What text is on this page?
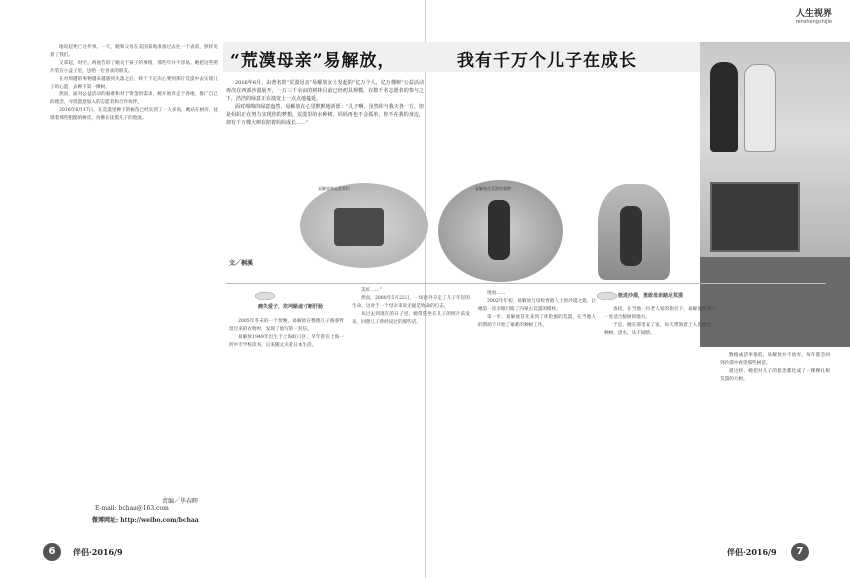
人生视界
renshengshijie

地说起死亡这件事。一天，她和父母在美国某地准备过去往一个表叔，照样见着了我们。

又拿起，时空。两他告诉了她关于孩子的事情，那些年并不容易。她把这些照片装在小盒子里，送给一位喜欢的朋友。

在对周遭的事物越来越感到失落之后，终于下定决心要到那片荒漠中去实现儿子的心愿，去种下第一棵树。

然而，面对公益活动的艰难和对于资金的需求，她开始奔走于各地，推广自己的理念，寻找愿意加入的志愿者和合作伙伴。

2016年6月17日，在荒漠里种下的树苗已经长到了一人多高，她站在树旁，抚摸着那些粗糙的树皮，仿佛在抚摸儿子的脸庞。

责编／毕春晖
E-mail: bchaa@163.com
微博网址: http://weibo.com/bchaa
“荒漠母亲”易解放，	我有千万个儿子在成长

2016年6月，由著名的“荒漠母亲”易解放女士发起的“亿万个人，亿万棵树”公益活动再次在西部沙漠展开，一万三千余亩的树林目前已经初具规模，在数千名志愿者的参与之下，浩浩的绿意正在演变上一点点地蔓延。

面对绵绵的绿意盎然，易解放在心里默默地祈愿：“儿子啊，虽然你与我天各一方，但是妈妈正在努力实现你的梦想，荒漠里的水种树。妈妈再也不会孤单，你不在我的身边，却有千万棵大树在陪着妈妈成长……”

易解放和志愿者们	易解放在荒漠里栽种
文／桐溪
痛失爱子，坎坷路途寸断肝肠

2005年冬末的一个傍晚，易解放在整理儿子杨睿哲留过来的衣物时，发现了他写的一封信。

易解放1949年出生于上海虹口区，早年曾在上海一所中专学校读书，后来随丈夫赴日本生活。

美好……”

然而，2000年5月22日，一场意外夺走了儿子年轻的生命，这对于一个母亲来说无疑是致命的打击。

从过去到现在的日子里，她常常坐在儿子的照片前发呆，回想儿子曾经说过的那些话。

挺进沙漠，勇敢母亲踏足荒漠

现看……

2002年年初，易解放与母校香港人士的沙漠之旅，让她第一次亲眼目睹了内蒙古荒漠的模样。

第一步，易解放首先来到了库伦旗的荒漠，在当地人的帮助下开始了艰难的种树工作。

查找，在当地一位老人家的指引下，易解放找到了一处适合植树的地方。

于是，她在那里安了家，每天带领着工人们挖坑、种树、浇水，从不间断。

数植成活率很低，易解放并不放弃，每年都会回到沙漠中看望那些树苗。

就这样，她把对儿子的思念都化成了一棵棵扎根荒漠的大树。

6	伴侣·2016/9	伴侣·2016/9	7
